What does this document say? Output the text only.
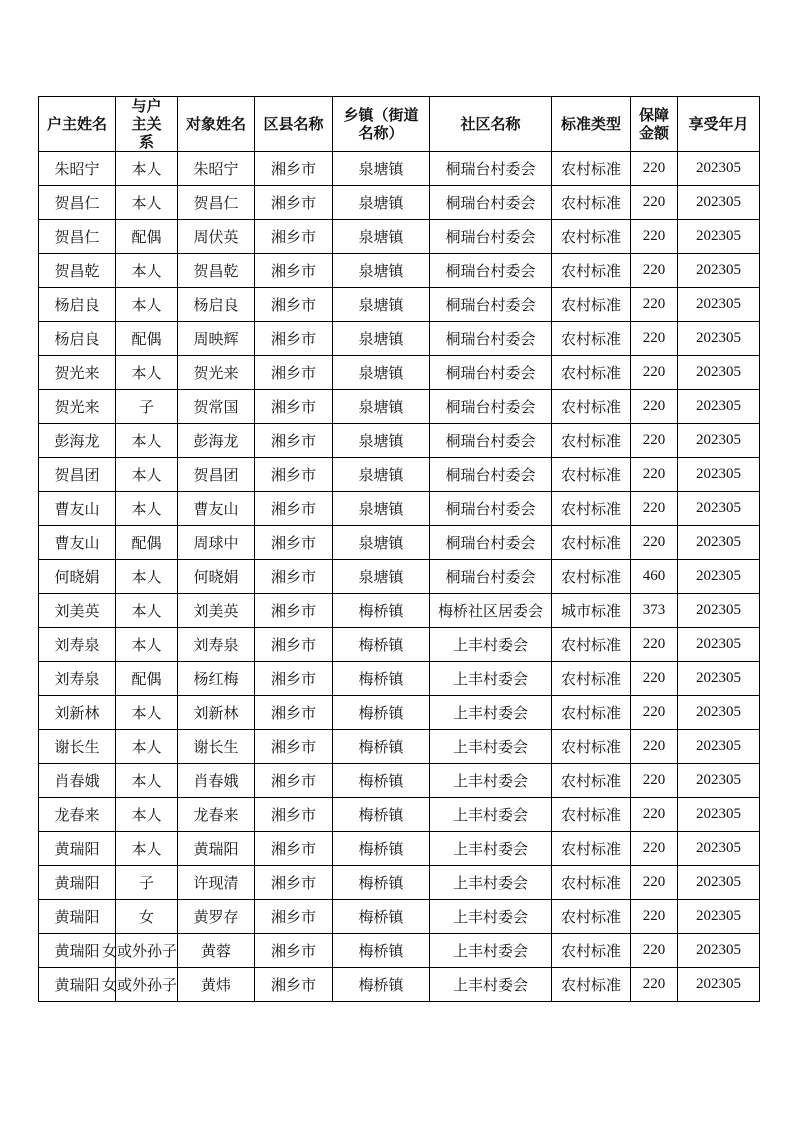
户主姓名	与户主关系	对象姓名	区县名称	乡镇（街道名称）	社区名称	标准类型	保障金额	享受年月
朱昭宁	本人	朱昭宁	湘乡市	泉塘镇	桐瑞台村委会	农村标准	220	202305
贺昌仁	本人	贺昌仁	湘乡市	泉塘镇	桐瑞台村委会	农村标准	220	202305
贺昌仁	配偶	周伏英	湘乡市	泉塘镇	桐瑞台村委会	农村标准	220	202305
贺昌乾	本人	贺昌乾	湘乡市	泉塘镇	桐瑞台村委会	农村标准	220	202305
杨启良	本人	杨启良	湘乡市	泉塘镇	桐瑞台村委会	农村标准	220	202305
杨启良	配偶	周映辉	湘乡市	泉塘镇	桐瑞台村委会	农村标准	220	202305
贺光来	本人	贺光来	湘乡市	泉塘镇	桐瑞台村委会	农村标准	220	202305
贺光来	子	贺常国	湘乡市	泉塘镇	桐瑞台村委会	农村标准	220	202305
彭海龙	本人	彭海龙	湘乡市	泉塘镇	桐瑞台村委会	农村标准	220	202305
贺昌团	本人	贺昌团	湘乡市	泉塘镇	桐瑞台村委会	农村标准	220	202305
曹友山	本人	曹友山	湘乡市	泉塘镇	桐瑞台村委会	农村标准	220	202305
曹友山	配偶	周球中	湘乡市	泉塘镇	桐瑞台村委会	农村标准	220	202305
何晓娟	本人	何晓娟	湘乡市	泉塘镇	桐瑞台村委会	农村标准	460	202305
刘美英	本人	刘美英	湘乡市	梅桥镇	梅桥社区居委会	城市标准	373	202305
刘寿泉	本人	刘寿泉	湘乡市	梅桥镇	上丰村委会	农村标准	220	202305
刘寿泉	配偶	杨红梅	湘乡市	梅桥镇	上丰村委会	农村标准	220	202305
刘新林	本人	刘新林	湘乡市	梅桥镇	上丰村委会	农村标准	220	202305
谢长生	本人	谢长生	湘乡市	梅桥镇	上丰村委会	农村标准	220	202305
肖春娥	本人	肖春娥	湘乡市	梅桥镇	上丰村委会	农村标准	220	202305
龙春来	本人	龙春来	湘乡市	梅桥镇	上丰村委会	农村标准	220	202305
黄瑞阳	本人	黄瑞阳	湘乡市	梅桥镇	上丰村委会	农村标准	220	202305
黄瑞阳	子	许现清	湘乡市	梅桥镇	上丰村委会	农村标准	220	202305
黄瑞阳	女	黄罗存	湘乡市	梅桥镇	上丰村委会	农村标准	220	202305
黄瑞阳	女或外孙子	黄蓉	湘乡市	梅桥镇	上丰村委会	农村标准	220	202305
黄瑞阳	女或外孙子	黄炜	湘乡市	梅桥镇	上丰村委会	农村标准	220	202305
